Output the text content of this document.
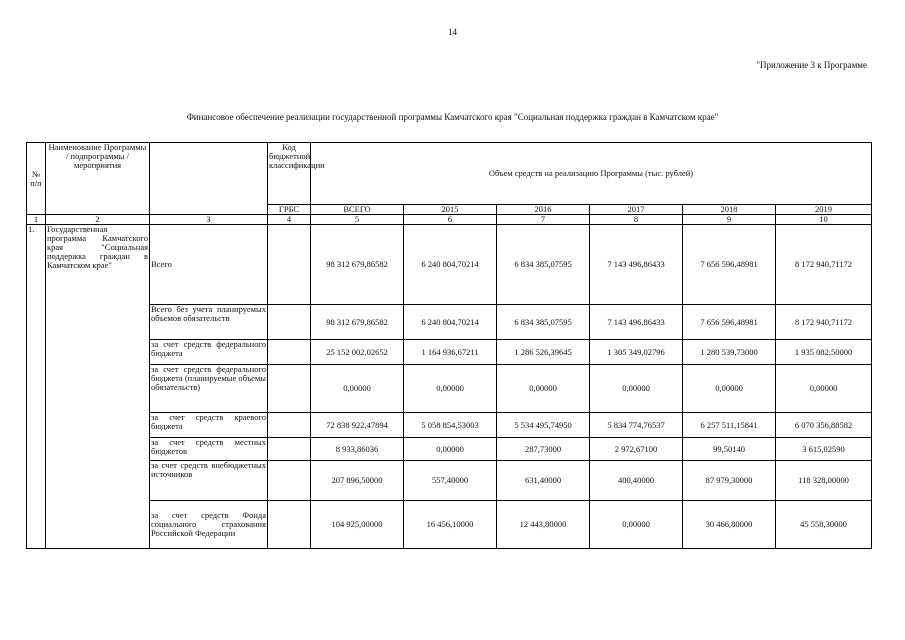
14
"Приложение 3 к Программе
Финансовое обеспечение реализации государственной программы Камчатского края "Социальная поддержка граждан в Камчатском крае"
№ п/п	Наименование Программы / подпрограммы / мероприятия		Код бюджетной классификации	Объем средств на реализацию Программы (тыс. рублей)					
			ГРБС	ВСЕГО	2015	2016	2017	2018	2019
1	2	3	4	5	6	7	8	9	10
1.	Государственная программа Камчатского края "Социальная поддержка граждан в Камчатском крае"	Всего		98 312 679,86582	6 240 804,70214	6 834 385,07595	7 143 496,86433	7 656 596,48981	8 172 940,71172
		Всего без учета планируемых объемов обязательств		98 312 679,86582	6 240 804,70214	6 834 385,07595	7 143 496,86433	7 656 596,48981	8 172 940,71172
		за счет средств федерального бюджета		25 152 002,02652	1 164 936,67211	1 286 526,39645	1 305 349,02796	1 280 539,73000	1 935 082,50000
		за счет средств федерального бюджета (планируемые объемы обязательств)		0,00000	0,00000	0,00000	0,00000	0,00000	0,00000
		за счет средств краевого бюджета		72 838 922,47894	5 058 854,53003	5 534 495,74950	5 834 774,76537	6 257 511,15841	6 070 356,88582
		за счет средств местных бюджетов		8 933,86036	0,00000	287,73000	2 972,67100	99,50140	3 615,02590
		за счет средств внебюджетных источников		207 896,50000	557,40000	631,40000	400,40000	87 979,30000	118 328,00000
		за счет средств Фонда социального страхования Российской Федерации		104 925,00000	16 456,10000	12 443,80000	0,00000	30 466,80000	45 558,30000
